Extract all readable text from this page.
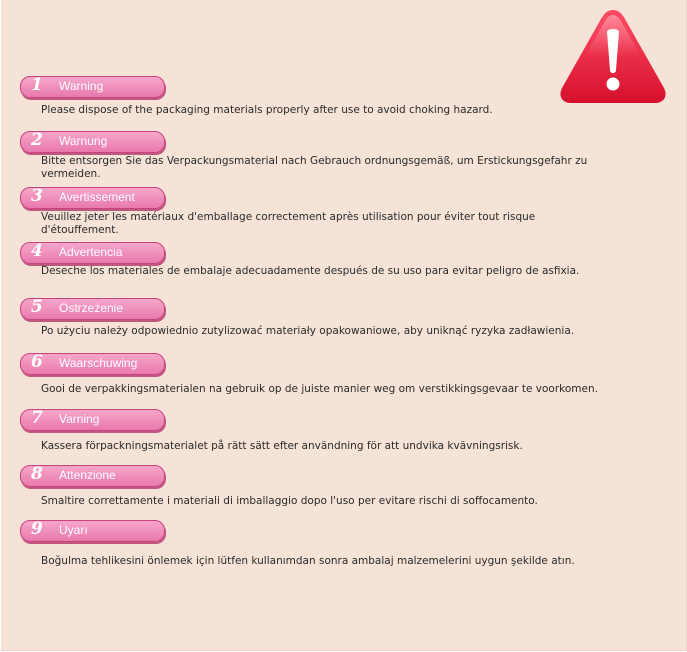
1 Warning
Please dispose of the packaging materials properly after use to avoid choking hazard.
2 Warnung
Bitte entsorgen Sie das Verpackungsmaterial nach Gebrauch ordnungsgemäß, um Erstickungsgefahr zu vermeiden.
3 Avertissement
Veuillez jeter les matériaux d'emballage correctement après utilisation pour éviter tout risque d'étouffement.
4 Advertencia
Deseche los materiales de embalaje adecuadamente después de su uso para evitar peligro de asfixia.
5 Ostrzeżenie
Po użyciu należy odpowiednio zutylizować materiały opakowaniowe, aby uniknąć ryzyka zadławienia.
6 Waarschuwing
Gooi de verpakkingsmaterialen na gebruik op de juiste manier weg om verstikkingsgevaar te voorkomen.
7 Varning
Kassera förpackningsmaterialet på rätt sätt efter användning för att undvika kvävningsrisk.
8 Attenzione
Smaltire correttamente i materiali di imballaggio dopo l'uso per evitare rischi di soffocamento.
9 Uyarı
Boğulma tehlikesini önlemek için lütfen kullanımdan sonra ambalaj malzemelerini uygun şekilde atın.
